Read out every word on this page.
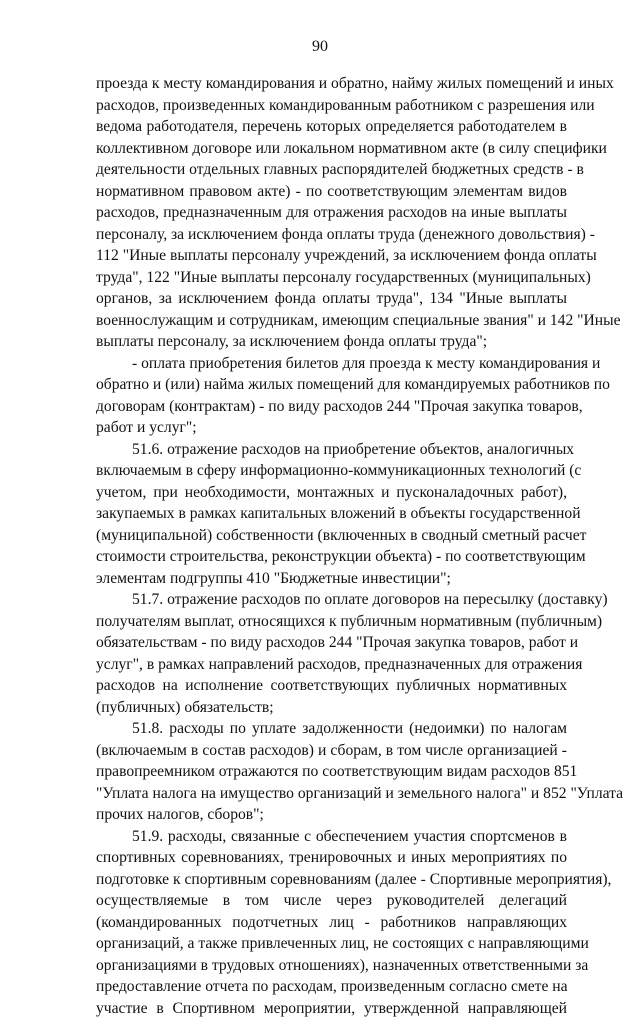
90
проезда к месту командирования и обратно, найму жилых помещений и иных
расходов, произведенных командированным работником с разрешения или
ведома работодателя, перечень которых определяется работодателем в
коллективном договоре или локальном нормативном акте (в силу специфики
деятельности отдельных главных распорядителей бюджетных средств - в
нормативном правовом акте) - по соответствующим элементам видов
расходов, предназначенным для отражения расходов на иные выплаты
персоналу, за исключением фонда оплаты труда (денежного довольствия) -
112 "Иные выплаты персоналу учреждений, за исключением фонда оплаты
труда", 122 "Иные выплаты персоналу государственных (муниципальных)
органов, за исключением фонда оплаты труда", 134 "Иные выплаты
военнослужащим и сотрудникам, имеющим специальные звания" и 142 "Иные
выплаты персоналу, за исключением фонда оплаты труда";
- оплата приобретения билетов для проезда к месту командирования и
обратно и (или) найма жилых помещений для командируемых работников по
договорам (контрактам) - по виду расходов 244 "Прочая закупка товаров,
работ и услуг";
51.6. отражение расходов на приобретение объектов, аналогичных
включаемым в сферу информационно-коммуникационных технологий (с
учетом, при необходимости, монтажных и пусконаладочных работ),
закупаемых в рамках капитальных вложений в объекты государственной
(муниципальной) собственности (включенных в сводный сметный расчет
стоимости строительства, реконструкции объекта) - по соответствующим
элементам подгруппы 410 "Бюджетные инвестиции";
51.7. отражение расходов по оплате договоров на пересылку (доставку)
получателям выплат, относящихся к публичным нормативным (публичным)
обязательствам - по виду расходов 244 "Прочая закупка товаров, работ и
услуг", в рамках направлений расходов, предназначенных для отражения
расходов на исполнение соответствующих публичных нормативных
(публичных) обязательств;
51.8. расходы по уплате задолженности (недоимки) по налогам
(включаемым в состав расходов) и сборам, в том числе организацией -
правопреемником отражаются по соответствующим видам расходов 851
"Уплата налога на имущество организаций и земельного налога" и 852 "Уплата
прочих налогов, сборов";
51.9. расходы, связанные с обеспечением участия спортсменов в
спортивных соревнованиях, тренировочных и иных мероприятиях по
подготовке к спортивным соревнованиям (далее - Спортивные мероприятия),
осуществляемые в том числе через руководителей делегаций
(командированных подотчетных лиц - работников направляющих
организаций, а также привлеченных лиц, не состоящих с направляющими
организациями в трудовых отношениях), назначенных ответственными за
предоставление отчета по расходам, произведенным согласно смете на
участие в Спортивном мероприятии, утвержденной направляющей
